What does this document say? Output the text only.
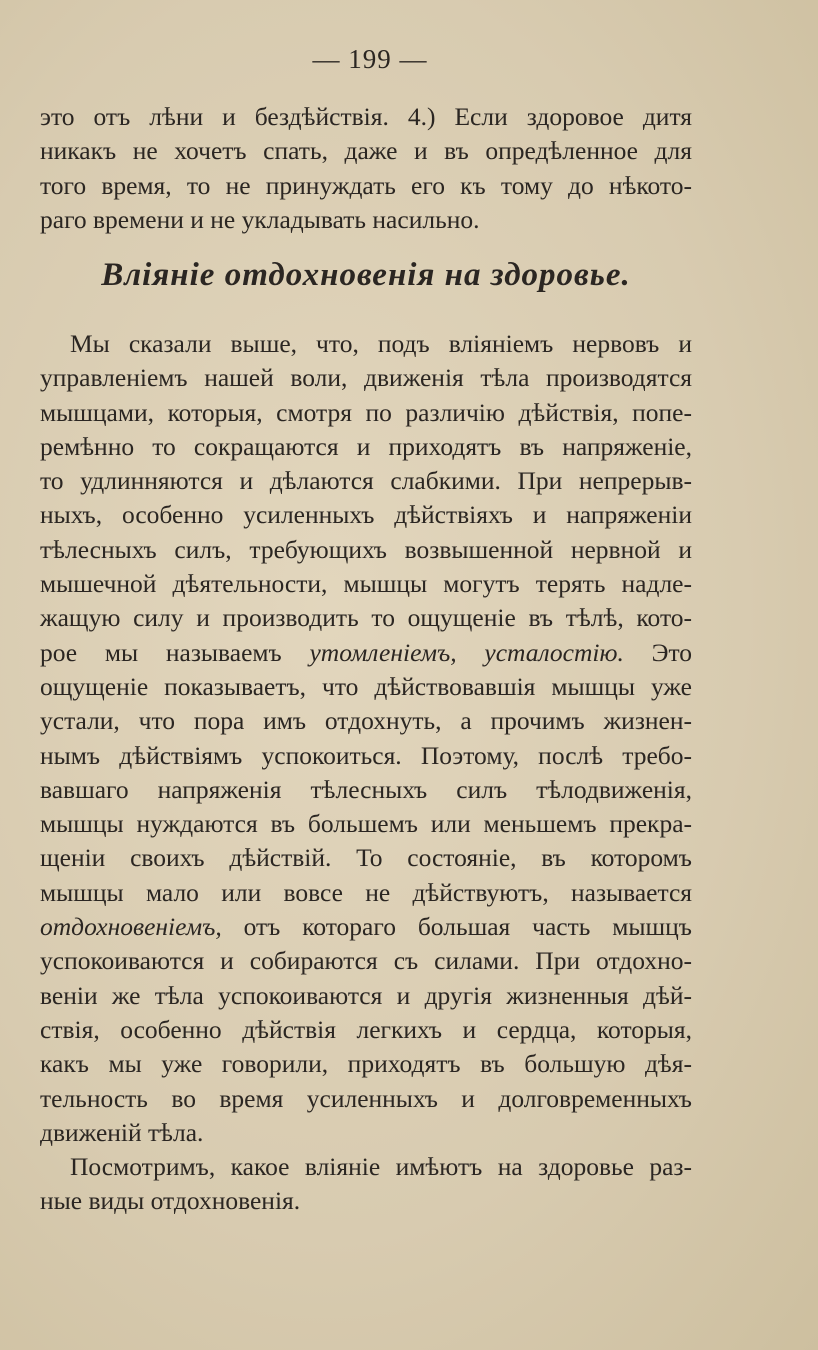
— 199 —
это отъ лѣни и бездѣйствія. 4.) Если здоровое дитя
никакъ не хочетъ спать, даже и въ опредѣленное для
того время, то не принуждать его къ тому до нѣкото-
раго времени и не укладывать насильно.
Вліяніе отдохновенія на здоровье.
Мы сказали выше, что, подъ вліяніемъ нервовъ и
управленіемъ нашей воли, движенія тѣла производятся
мышцами, которыя, смотря по различію дѣйствія, попе-
ремѣнно то сокращаются и приходятъ въ напряженіе,
то удлинняются и дѣлаются слабкими. При непрерыв-
ныхъ, особенно усиленныхъ дѣйствіяхъ и напряженіи
тѣлесныхъ силъ, требующихъ возвышенной нервной и
мышечной дѣятельности, мышцы могутъ терять надле-
жащую силу и производить то ощущеніе въ тѣлѣ, кото-
рое мы называемъ утомленіемъ, усталостію. Это
ощущеніе показываетъ, что дѣйствовавшія мышцы уже
устали, что пора имъ отдохнуть, а прочимъ жизнен-
нымъ дѣйствіямъ успокоиться. Поэтому, послѣ требо-
вавшаго напряженія тѣлесныхъ силъ тѣлодвиженія,
мышцы нуждаются въ большемъ или меньшемъ прекра-
щеніи своихъ дѣйствій. То состояніе, въ которомъ
мышцы мало или вовсе не дѣйствуютъ, называется
отдохновеніемъ, отъ котораго большая часть мышцъ
успокоиваются и собираются съ силами. При отдохно-
веніи же тѣла успокоиваются и другія жизненныя дѣй-
ствія, особенно дѣйствія легкихъ и сердца, которыя,
какъ мы уже говорили, приходятъ въ большую дѣя-
тельность во время усиленныхъ и долговременныхъ
движеній тѣла.
Посмотримъ, какое вліяніе имѣютъ на здоровье раз-
ные виды отдохновенія.
